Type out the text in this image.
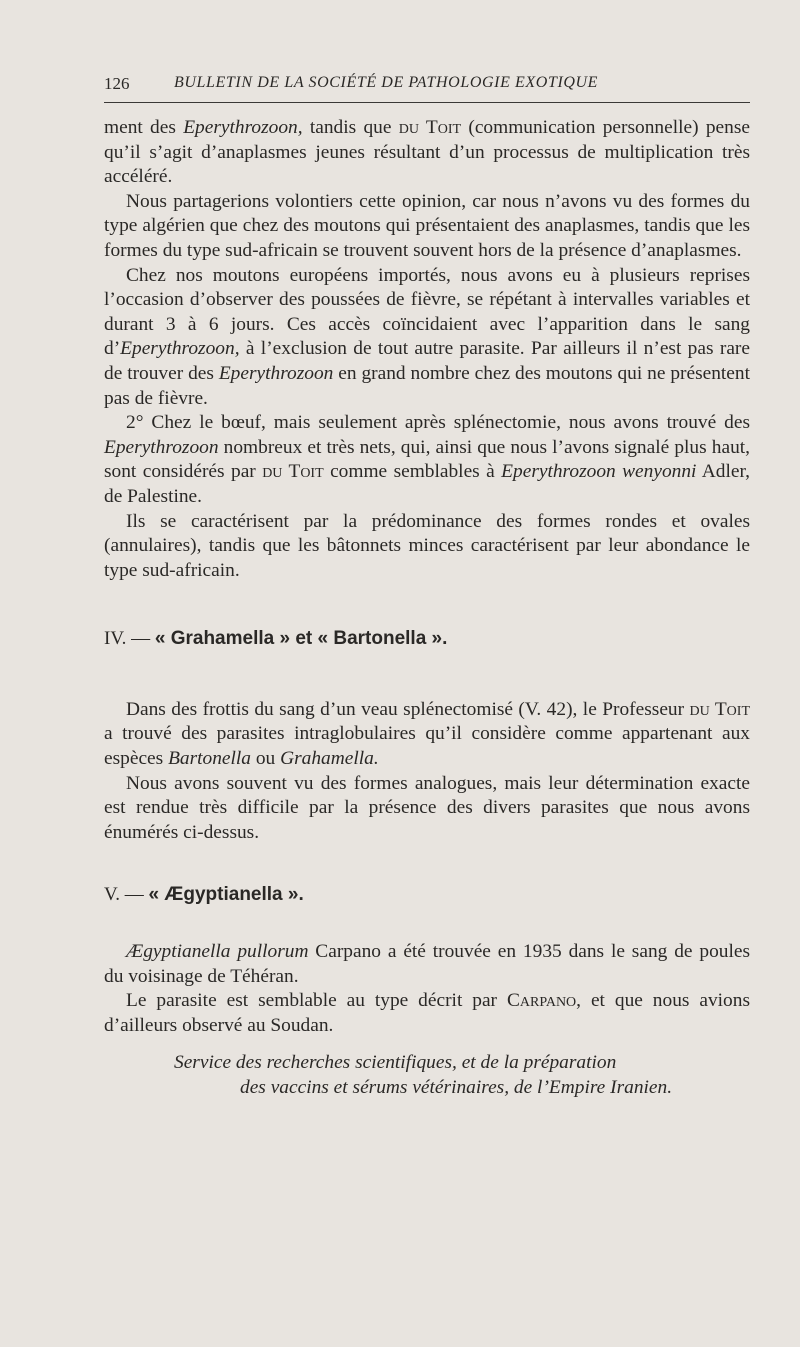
126	BULLETIN DE LA SOCIÉTÉ DE PATHOLOGIE EXOTIQUE

ment des Eperythrozoon, tandis que du Toit (communication personnelle) pense qu’il s’agit d’anaplasmes jeunes résultant d’un processus de multiplication très accéléré.

Nous partagerions volontiers cette opinion, car nous n’avons vu des formes du type algérien que chez des moutons qui présentaient des anaplasmes, tandis que les formes du type sud-africain se trouvent souvent hors de la présence d’anaplasmes.

Chez nos moutons européens importés, nous avons eu à plusieurs reprises l’occasion d’observer des poussées de fièvre, se répétant à intervalles variables et durant 3 à 6 jours. Ces accès coïncidaient avec l’apparition dans le sang d’Eperythrozoon, à l’exclusion de tout autre parasite. Par ailleurs il n’est pas rare de trouver des Eperythrozoon en grand nombre chez des moutons qui ne présentent pas de fièvre.

2° Chez le bœuf, mais seulement après splénectomie, nous avons trouvé des Eperythrozoon nombreux et très nets, qui, ainsi que nous l’avons signalé plus haut, sont considérés par du Toit comme semblables à Eperythrozoon wenyonni Adler, de Palestine.

Ils se caractérisent par la prédominance des formes rondes et ovales (annulaires), tandis que les bâtonnets minces caractérisent par leur abondance le type sud-africain.

IV. — « Grahamella » et « Bartonella ».

Dans des frottis du sang d’un veau splénectomisé (V. 42), le Professeur du Toit a trouvé des parasites intraglobulaires qu’il considère comme appartenant aux espèces Bartonella ou Grahamella.

Nous avons souvent vu des formes analogues, mais leur détermination exacte est rendue très difficile par la présence des divers parasites que nous avons énumérés ci-dessus.

V. — « Ægyptianella ».

Ægyptianella pullorum Carpano a été trouvée en 1935 dans le sang de poules du voisinage de Téhéran.

Le parasite est semblable au type décrit par Carpano, et que nous avions d’ailleurs observé au Soudan.

Service des recherches scientifiques, et de la préparation
des vaccins et sérums vétérinaires, de l’Empire Iranien.
